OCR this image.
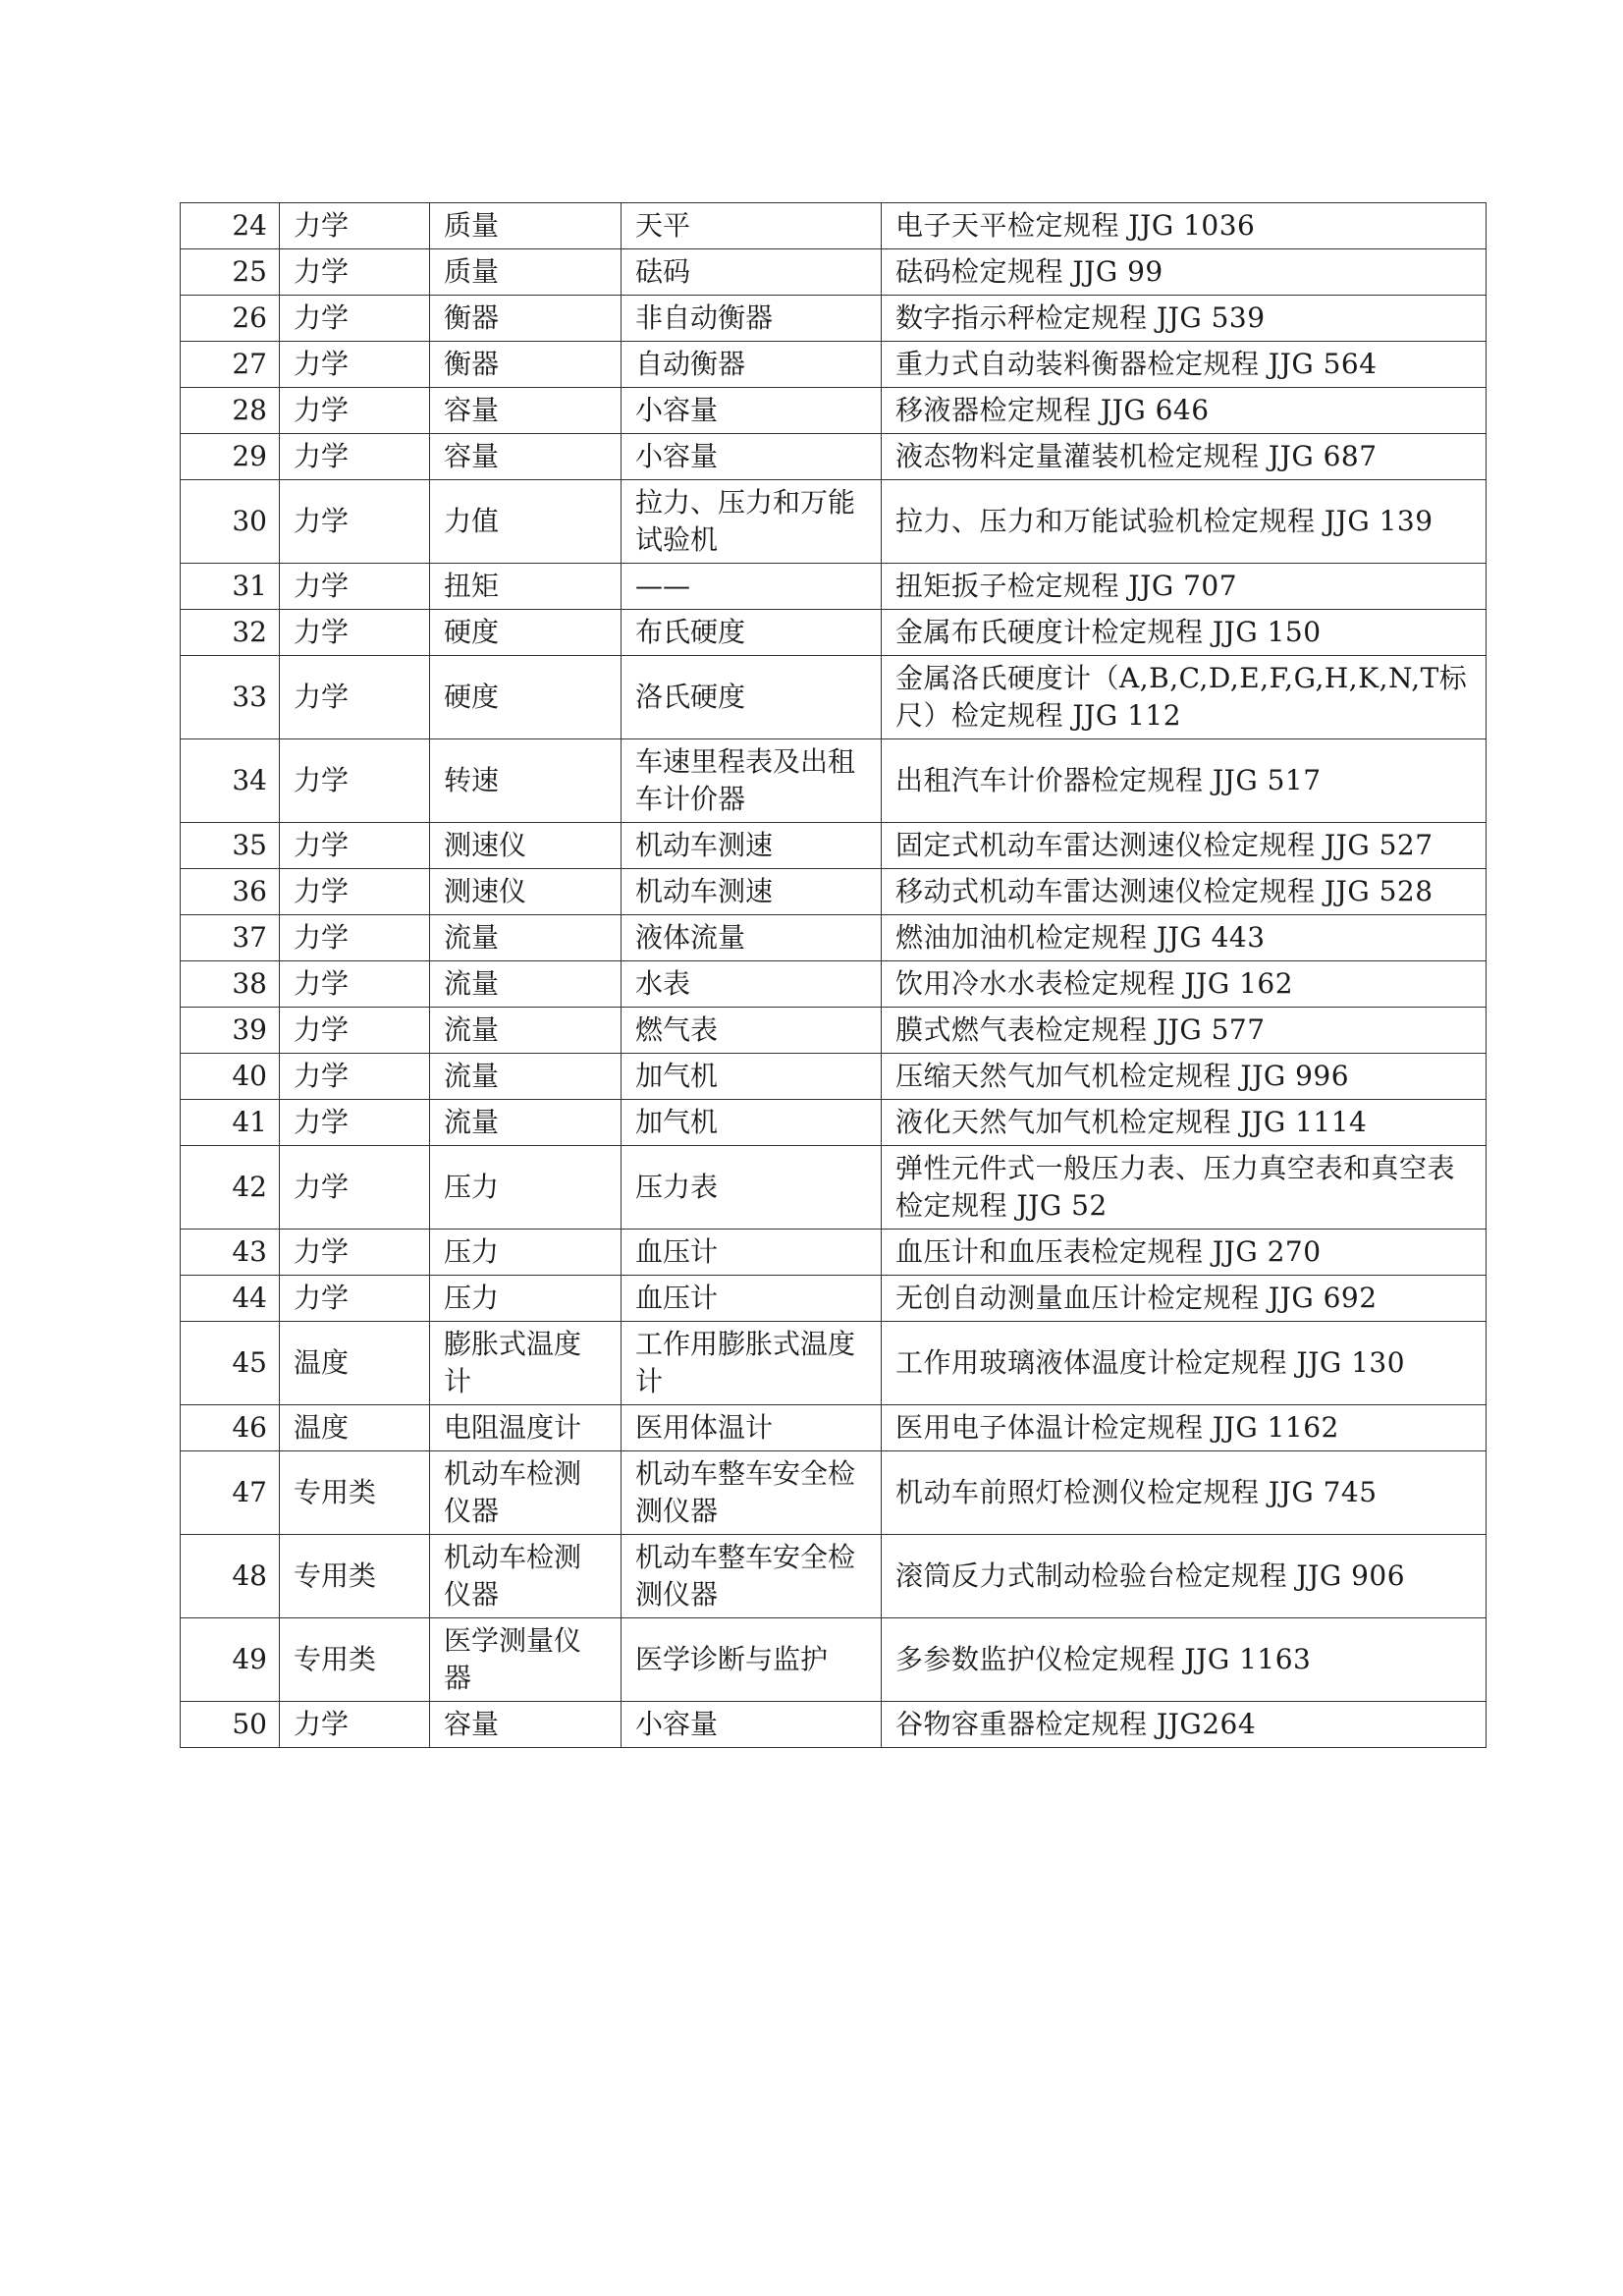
24	力学	质量	天平	电子天平检定规程 JJG 1036
25	力学	质量	砝码	砝码检定规程 JJG 99
26	力学	衡器	非自动衡器	数字指示秤检定规程 JJG 539
27	力学	衡器	自动衡器	重力式自动装料衡器检定规程 JJG 564
28	力学	容量	小容量	移液器检定规程 JJG 646
29	力学	容量	小容量	液态物料定量灌装机检定规程 JJG 687
30	力学	力值	拉力、压力和万能试验机	拉力、压力和万能试验机检定规程 JJG 139
31	力学	扭矩	——	扭矩扳子检定规程 JJG 707
32	力学	硬度	布氏硬度	金属布氏硬度计检定规程 JJG 150
33	力学	硬度	洛氏硬度	金属洛氏硬度计（A,B,C,D,E,F,G,H,K,N,T标尺）检定规程 JJG 112
34	力学	转速	车速里程表及出租车计价器	出租汽车计价器检定规程 JJG 517
35	力学	测速仪	机动车测速	固定式机动车雷达测速仪检定规程 JJG 527
36	力学	测速仪	机动车测速	移动式机动车雷达测速仪检定规程 JJG 528
37	力学	流量	液体流量	燃油加油机检定规程 JJG 443
38	力学	流量	水表	饮用冷水水表检定规程 JJG 162
39	力学	流量	燃气表	膜式燃气表检定规程 JJG 577
40	力学	流量	加气机	压缩天然气加气机检定规程 JJG 996
41	力学	流量	加气机	液化天然气加气机检定规程 JJG 1114
42	力学	压力	压力表	弹性元件式一般压力表、压力真空表和真空表检定规程 JJG 52
43	力学	压力	血压计	血压计和血压表检定规程 JJG 270
44	力学	压力	血压计	无创自动测量血压计检定规程 JJG 692
45	温度	膨胀式温度计	工作用膨胀式温度计	工作用玻璃液体温度计检定规程 JJG 130
46	温度	电阻温度计	医用体温计	医用电子体温计检定规程 JJG 1162
47	专用类	机动车检测仪器	机动车整车安全检测仪器	机动车前照灯检测仪检定规程 JJG 745
48	专用类	机动车检测仪器	机动车整车安全检测仪器	滚筒反力式制动检验台检定规程 JJG 906
49	专用类	医学测量仪器	医学诊断与监护	多参数监护仪检定规程 JJG 1163
50	力学	容量	小容量	谷物容重器检定规程 JJG264
